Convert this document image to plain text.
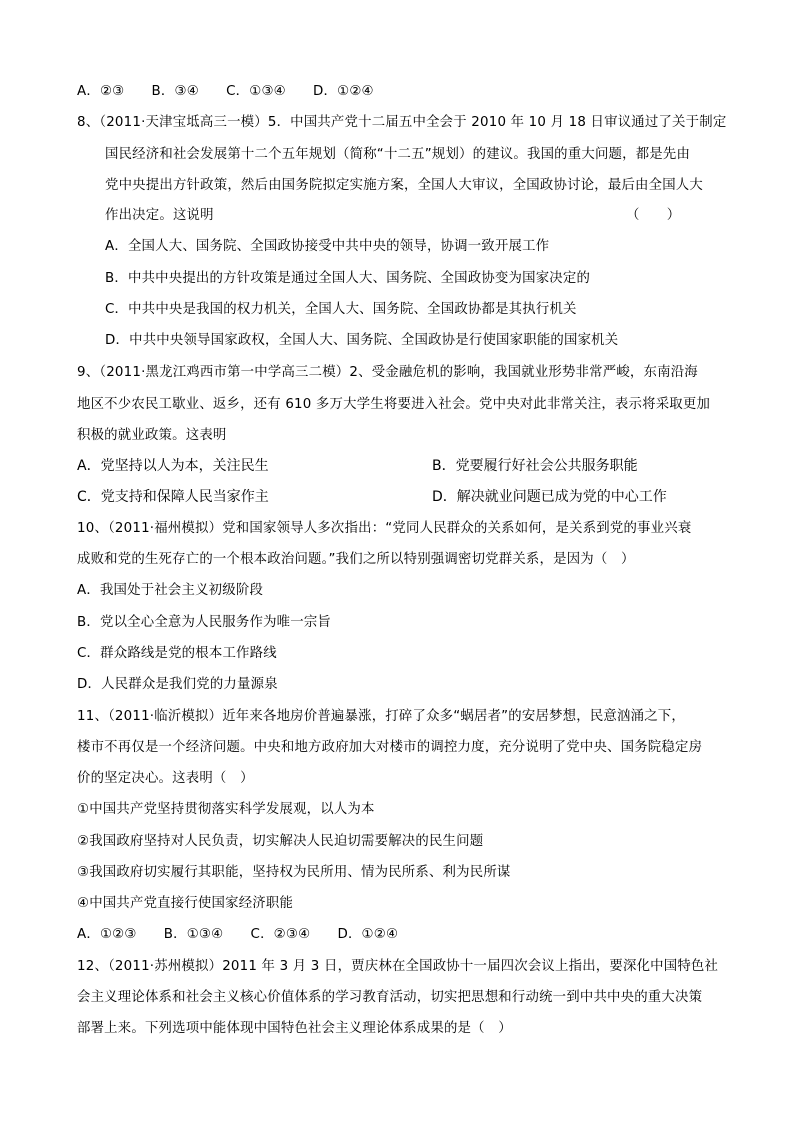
A．②③　　B．③④　　C．①③④　　D．①②④
8、（2011·天津宝坻高三一模）5．中国共产党十二届五中全会于 2010 年 10 月 18 日审议通过了关于制定
国民经济和社会发展第十二个五年规划（简称“十二五”规划）的建议。我国的重大问题，都是先由
党中央提出方针政策，然后由国务院拟定实施方案，全国人大审议，全国政协讨论，最后由全国人大
作出决定。这说明	（　　）
A．全国人大、国务院、全国政协接受中共中央的领导，协调一致开展工作
B．中共中央提出的方针攻策是通过全国人大、国务院、全国政协变为国家决定的
C．中共中央是我国的权力机关，全国人大、国务院、全国政协都是其执行机关
D．中共中央领导国家政权，全国人大、国务院、全国政协是行使国家职能的国家机关
9、（2011·黑龙江鸡西市第一中学高三二模）2、受金融危机的影响，我国就业形势非常严峻，东南沿海
地区不少农民工歇业、返乡，还有 610 多万大学生将要进入社会。党中央对此非常关注，表示将采取更加
积极的就业政策。这表明
A．党坚持以人为本，关注民生	B．党要履行好社会公共服务职能
C．党支持和保障人民当家作主	D．解决就业问题已成为党的中心工作
10、（2011·福州模拟）党和国家领导人多次指出：“党同人民群众的关系如何，是关系到党的事业兴衰
成败和党的生死存亡的一个根本政治问题。”我们之所以特别强调密切党群关系，是因为（　）
A．我国处于社会主义初级阶段
B．党以全心全意为人民服务作为唯一宗旨
C．群众路线是党的根本工作路线
D．人民群众是我们党的力量源泉
11、（2011·临沂模拟）近年来各地房价普遍暴涨，打碎了众多“蜗居者”的安居梦想，民意汹涌之下，
楼市不再仅是一个经济问题。中央和地方政府加大对楼市的调控力度，充分说明了党中央、国务院稳定房
价的坚定决心。这表明（　）
①中国共产党坚持贯彻落实科学发展观，以人为本
②我国政府坚持对人民负责，切实解决人民迫切需要解决的民生问题
③我国政府切实履行其职能，坚持权为民所用、情为民所系、利为民所谋
④中国共产党直接行使国家经济职能
A．①②③　　B．①③④　　C．②③④　　D．①②④
12、（2011·苏州模拟）2011 年 3 月 3 日，贾庆林在全国政协十一届四次会议上指出，要深化中国特色社
会主义理论体系和社会主义核心价值体系的学习教育活动，切实把思想和行动统一到中共中央的重大决策
部署上来。下列选项中能体现中国特色社会主义理论体系成果的是（　）
